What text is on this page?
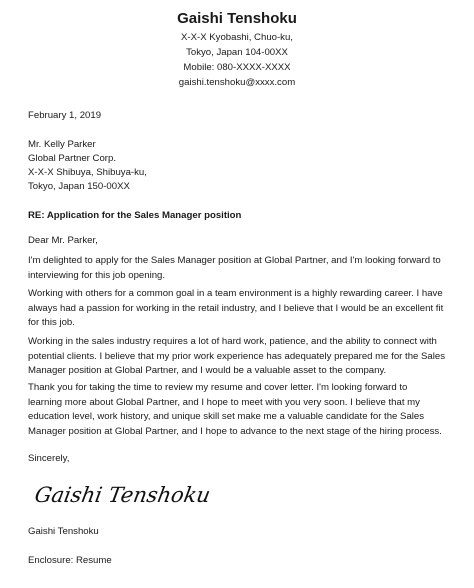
Gaishi Tenshoku
X-X-X Kyobashi, Chuo-ku,
Tokyo, Japan 104-00XX
Mobile: 080-XXXX-XXXX
gaishi.tenshoku@xxxx.com
February 1, 2019
Mr. Kelly Parker
Global Partner Corp.
X-X-X Shibuya, Shibuya-ku,
Tokyo, Japan 150-00XX
RE: Application for the Sales Manager position
Dear Mr. Parker,
I'm delighted to apply for the Sales Manager position at Global Partner, and I'm looking forward to
interviewing for this job opening.
Working with others for a common goal in a team environment is a highly rewarding career. I have
always had a passion for working in the retail industry, and I believe that I would be an excellent fit
for this job.
Working in the sales industry requires a lot of hard work, patience, and the ability to connect with
potential clients. I believe that my prior work experience has adequately prepared me for the Sales
Manager position at Global Partner, and I would be a valuable asset to the company.
Thank you for taking the time to review my resume and cover letter. I'm looking forward to
learning more about Global Partner, and I hope to meet with you very soon. I believe that my
education level, work history, and unique skill set make me a valuable candidate for the Sales
Manager position at Global Partner, and I hope to advance to the next stage of the hiring process.
Sincerely,
Gaishi Tenshoku
Gaishi Tenshoku
Enclosure: Resume
